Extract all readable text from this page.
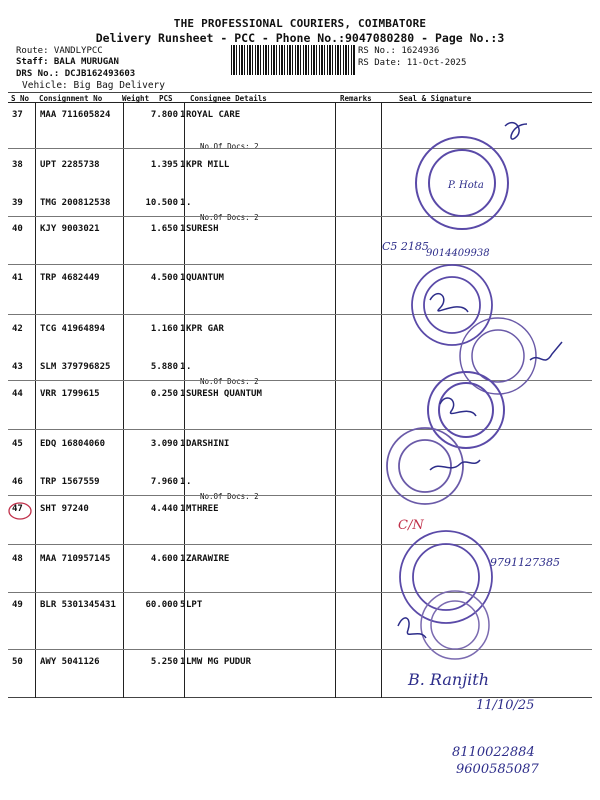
THE PROFESSIONAL COURIERS, COIMBATORE
Delivery Runsheet - PCC - Phone No.:9047080280 - Page No.:3
Route: VANDLYPCC
Staff: BALA MURUGAN
DRS No.: DCJB162493603
Vehicle: Big Bag Delivery
RS No.: 1624936
RS Date: 11-Oct-2025
S No Consignment No	Weight PCS Consignee Details	Remarks	Seal & Signature
37 MAA 711605824	7.800 1 ROYAL CARE
No.Of Docs: 2
38 UPT 2285738	1.395 1 KPR MILL
39 TMG 200812538	10.500 1 .
No.Of Docs: 2
40 KJY 9003021	1.650 1 SURESH
41 TRP 4682449	4.500 1 QUANTUM
42 TCG 41964894	1.160 1 KPR GAR
43 SLM 379796825	5.880 1 .
No.Of Docs: 2
44 VRR 1799615	0.250 1 SURESH QUANTUM
45 EDQ 16804060	3.090 1 DARSHINI
46 TRP 1567559	7.960 1 .
No.Of Docs: 2
47 SHT 97240	4.440 1 MTHREE
48 MAA 710957145	4.600 1 ZARAWIRE
49 BLR 5301345431	60.000 5 LPT
50 AWY 5041126	5.250 1 LMW MG PUDUR
C5 2185
9014409938
P. Hota
C/N
9791127385
B. Ranjith
11/10/25
8110022884
9600585087
